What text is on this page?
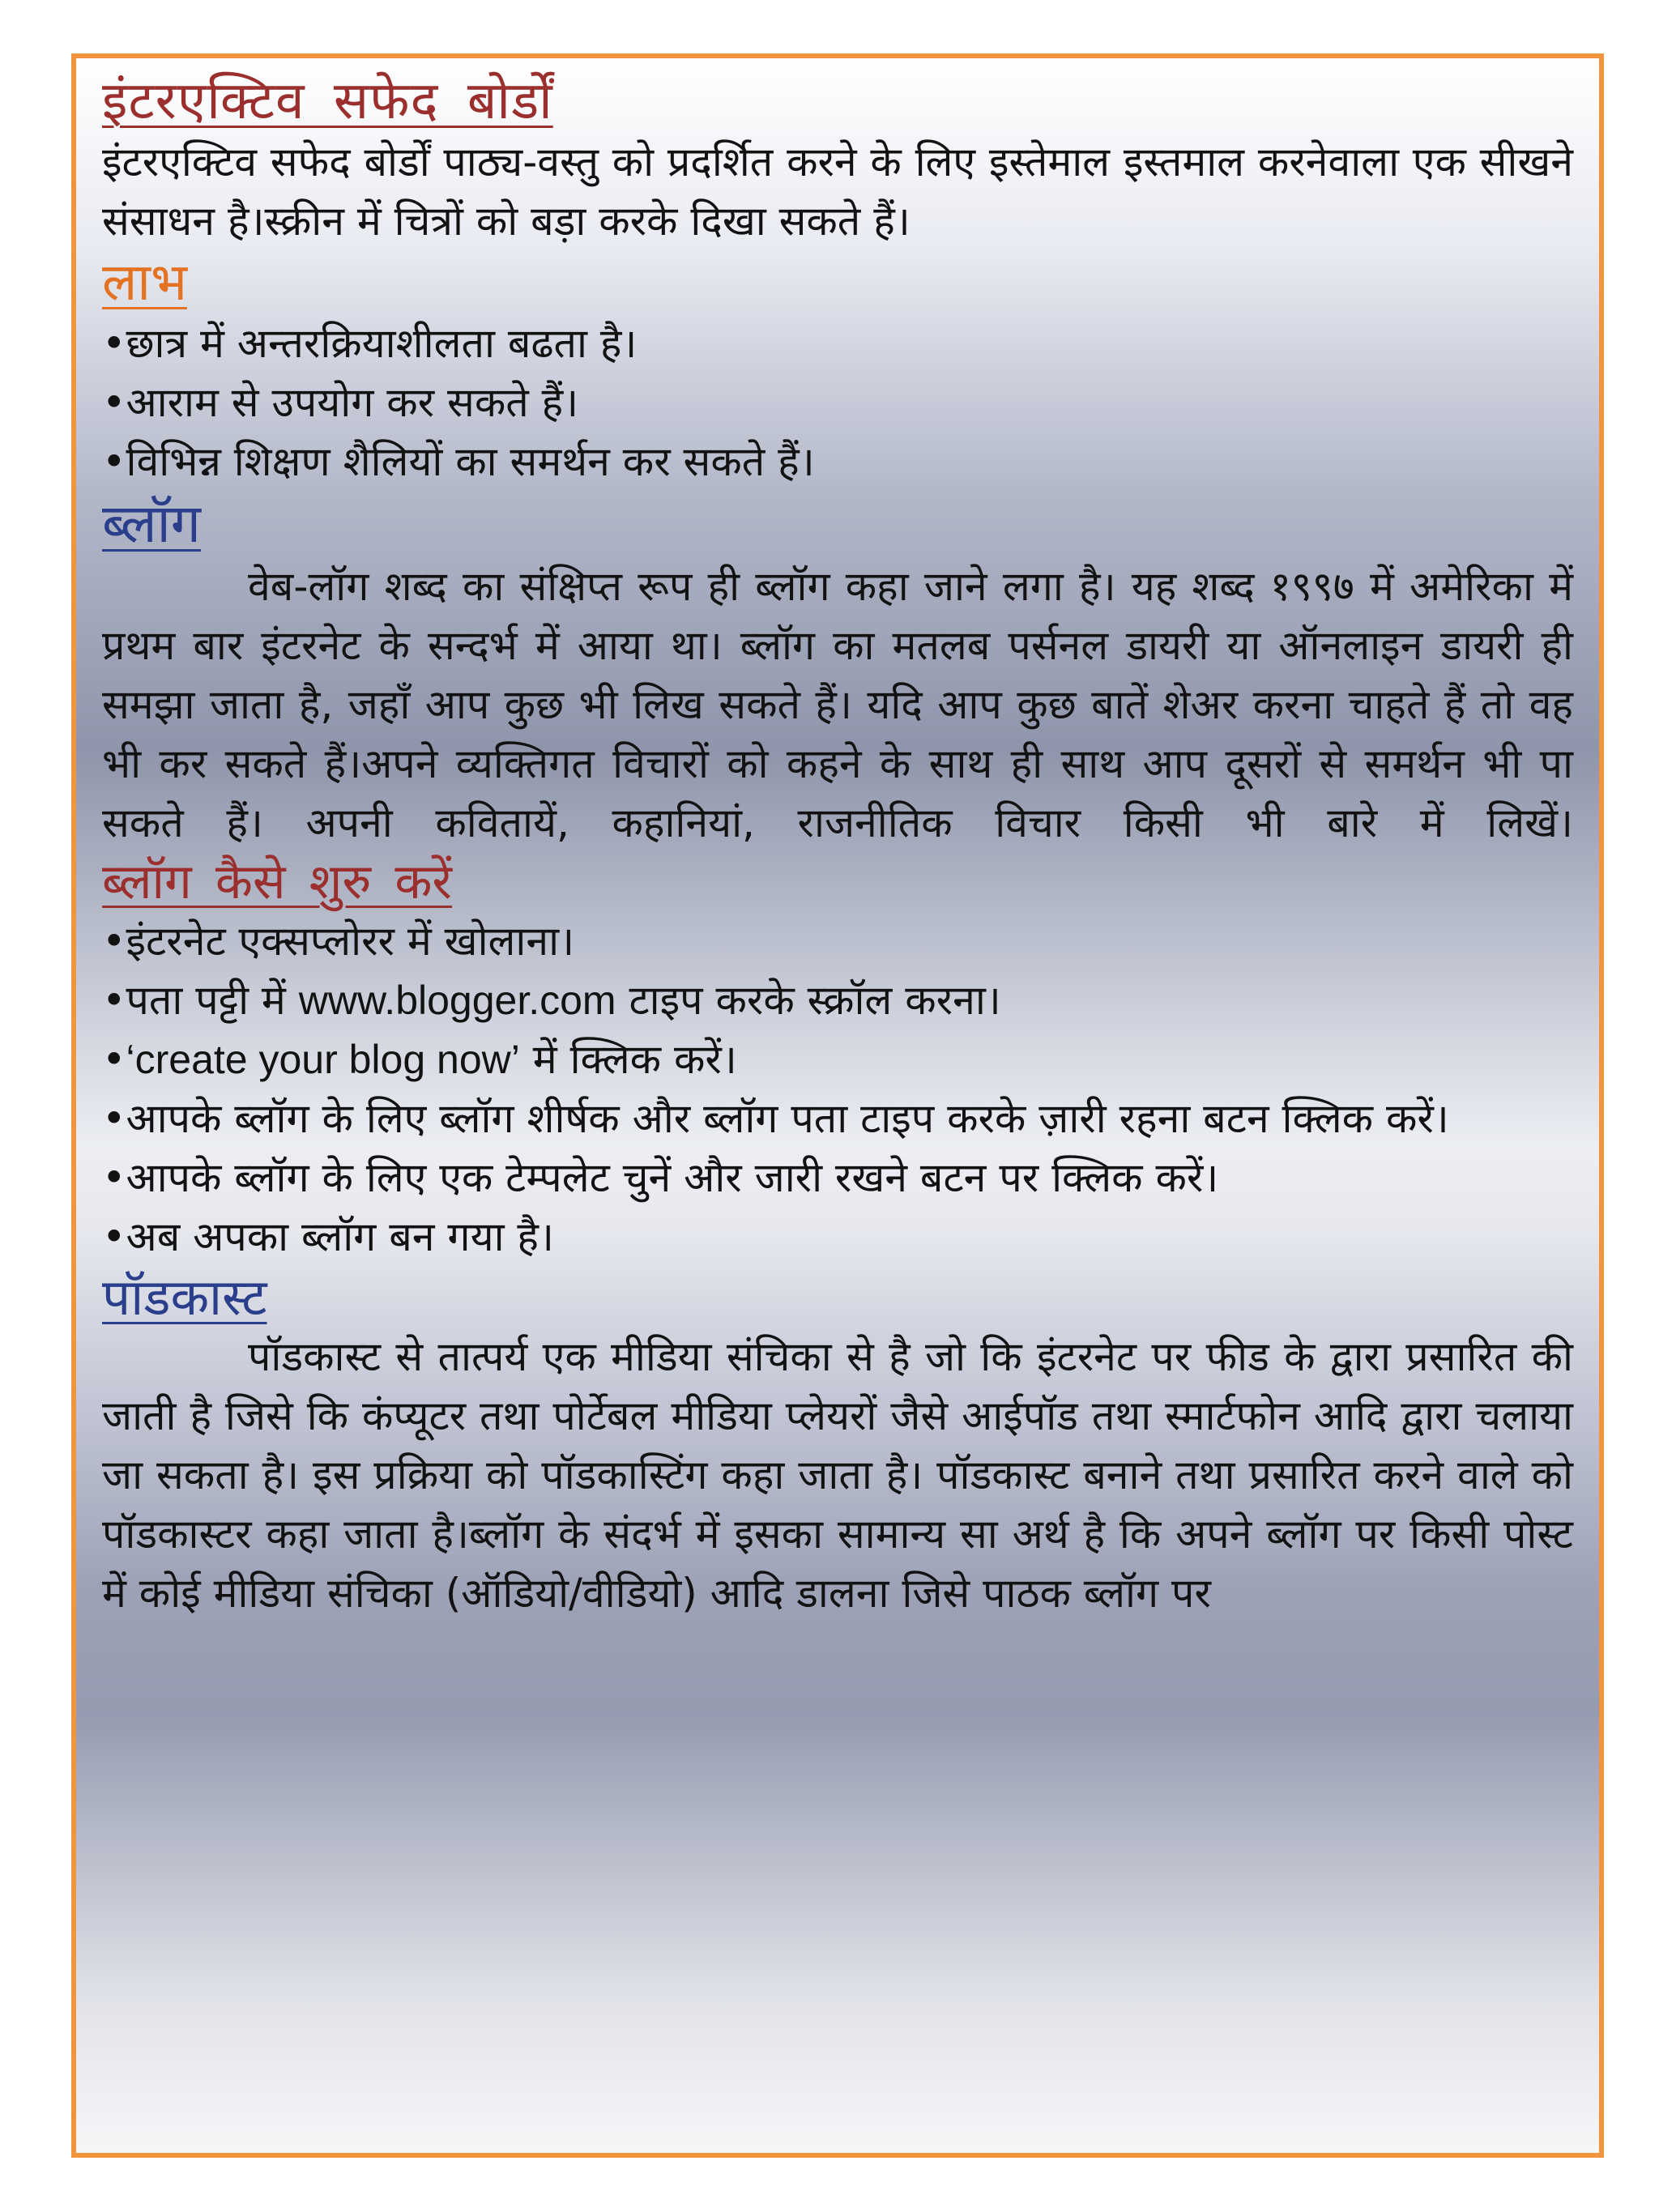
इंटरएक्टिव सफेद बोर्डों

इंटरएक्टिव सफेद बोर्डों पाठ्य-वस्तु को प्रदर्शित करने के लिए इस्तेमाल इस्तमाल करनेवाला एक सीखने संसाधन है।स्क्रीन में चित्रों को बड़ा करके दिखा सकते हैं।

लाभ

•छात्र में अन्तरक्रियाशीलता बढता है।

•आराम से उपयोग कर सकते हैं।

•विभिन्न शिक्षण शैलियों का समर्थन कर सकते हैं।

ब्लॉग

वेब-लॉग शब्द का संक्षिप्त रूप ही ब्लॉग कहा जाने लगा है। यह शब्द १९९७ में अमेरिका में प्रथम बार इंटरनेट के सन्दर्भ में आया था। ब्लॉग का मतलब पर्सनल डायरी या ऑनलाइन डायरी ही समझा जाता है, जहाँ आप कुछ भी लिख सकते हैं। यदि आप कुछ बातें शेअर करना चाहते हैं तो वह भी कर सकते हैं।अपने व्यक्तिगत विचारों को कहने के साथ ही साथ आप दूसरों से समर्थन भी पा सकते हैं। अपनी कवितायें, कहानियां, राजनीतिक विचार किसी भी बारे में लिखें।

ब्लॉग कैसे शुरु करें

•इंटरनेट एक्सप्लोरर में खोलाना।

•पता पट्टी में www.blogger.com टाइप करके स्क्रॉल करना।

•‘create your blog now’ में क्लिक करें।

•आपके ब्लॉग के लिए ब्लॉग शीर्षक और ब्लॉग पता टाइप करके ज़ारी रहना बटन क्लिक करें।

•आपके ब्लॉग के लिए एक टेम्पलेट चुनें और जारी रखने बटन पर क्लिक करें।

•अब अपका ब्लॉग बन गया है।

पॉडकास्ट

पॉडकास्ट से तात्पर्य एक मीडिया संचिका से है जो कि इंटरनेट पर फीड के द्वारा प्रसारित की जाती है जिसे कि कंप्यूटर तथा पोर्टेबल मीडिया प्लेयरों जैसे आईपॉड तथा स्मार्टफोन आदि द्वारा चलाया जा सकता है। इस प्रक्रिया को पॉडकास्टिंग कहा जाता है। पॉडकास्ट बनाने तथा प्रसारित करने वाले को पॉडकास्टर कहा जाता है।ब्लॉग के संदर्भ में इसका सामान्य सा अर्थ है कि अपने ब्लॉग पर किसी पोस्ट में कोई मीडिया संचिका (ऑडियो/वीडियो) आदि डालना जिसे पाठक ब्लॉग पर
